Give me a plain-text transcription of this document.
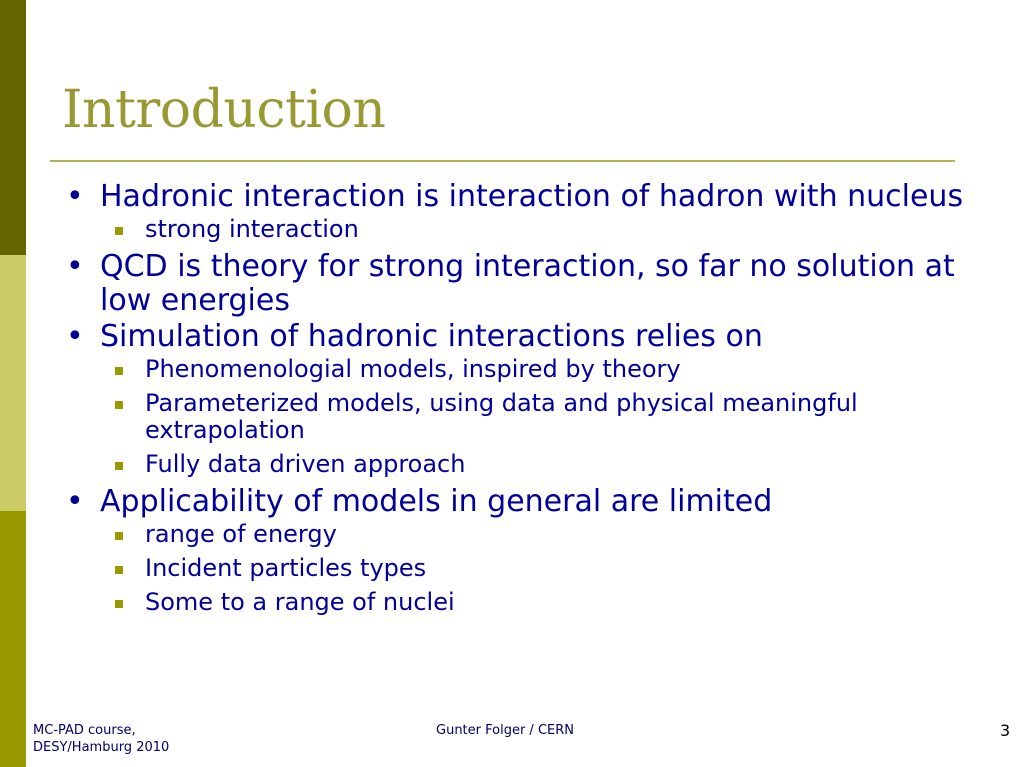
Introduction
• Hadronic interaction is interaction of hadron with nucleus
strong interaction
• QCD is theory for strong interaction, so far no solution at low energies
• Simulation of hadronic interactions relies on
Phenomenologial models, inspired by theory
Parameterized models, using data and physical meaningful extrapolation
Fully data driven approach
• Applicability of models in general are limited
range of energy
Incident particles types
Some to a range of nuclei
MC-PAD course,
DESY/Hamburg 2010
Gunter Folger / CERN	3
